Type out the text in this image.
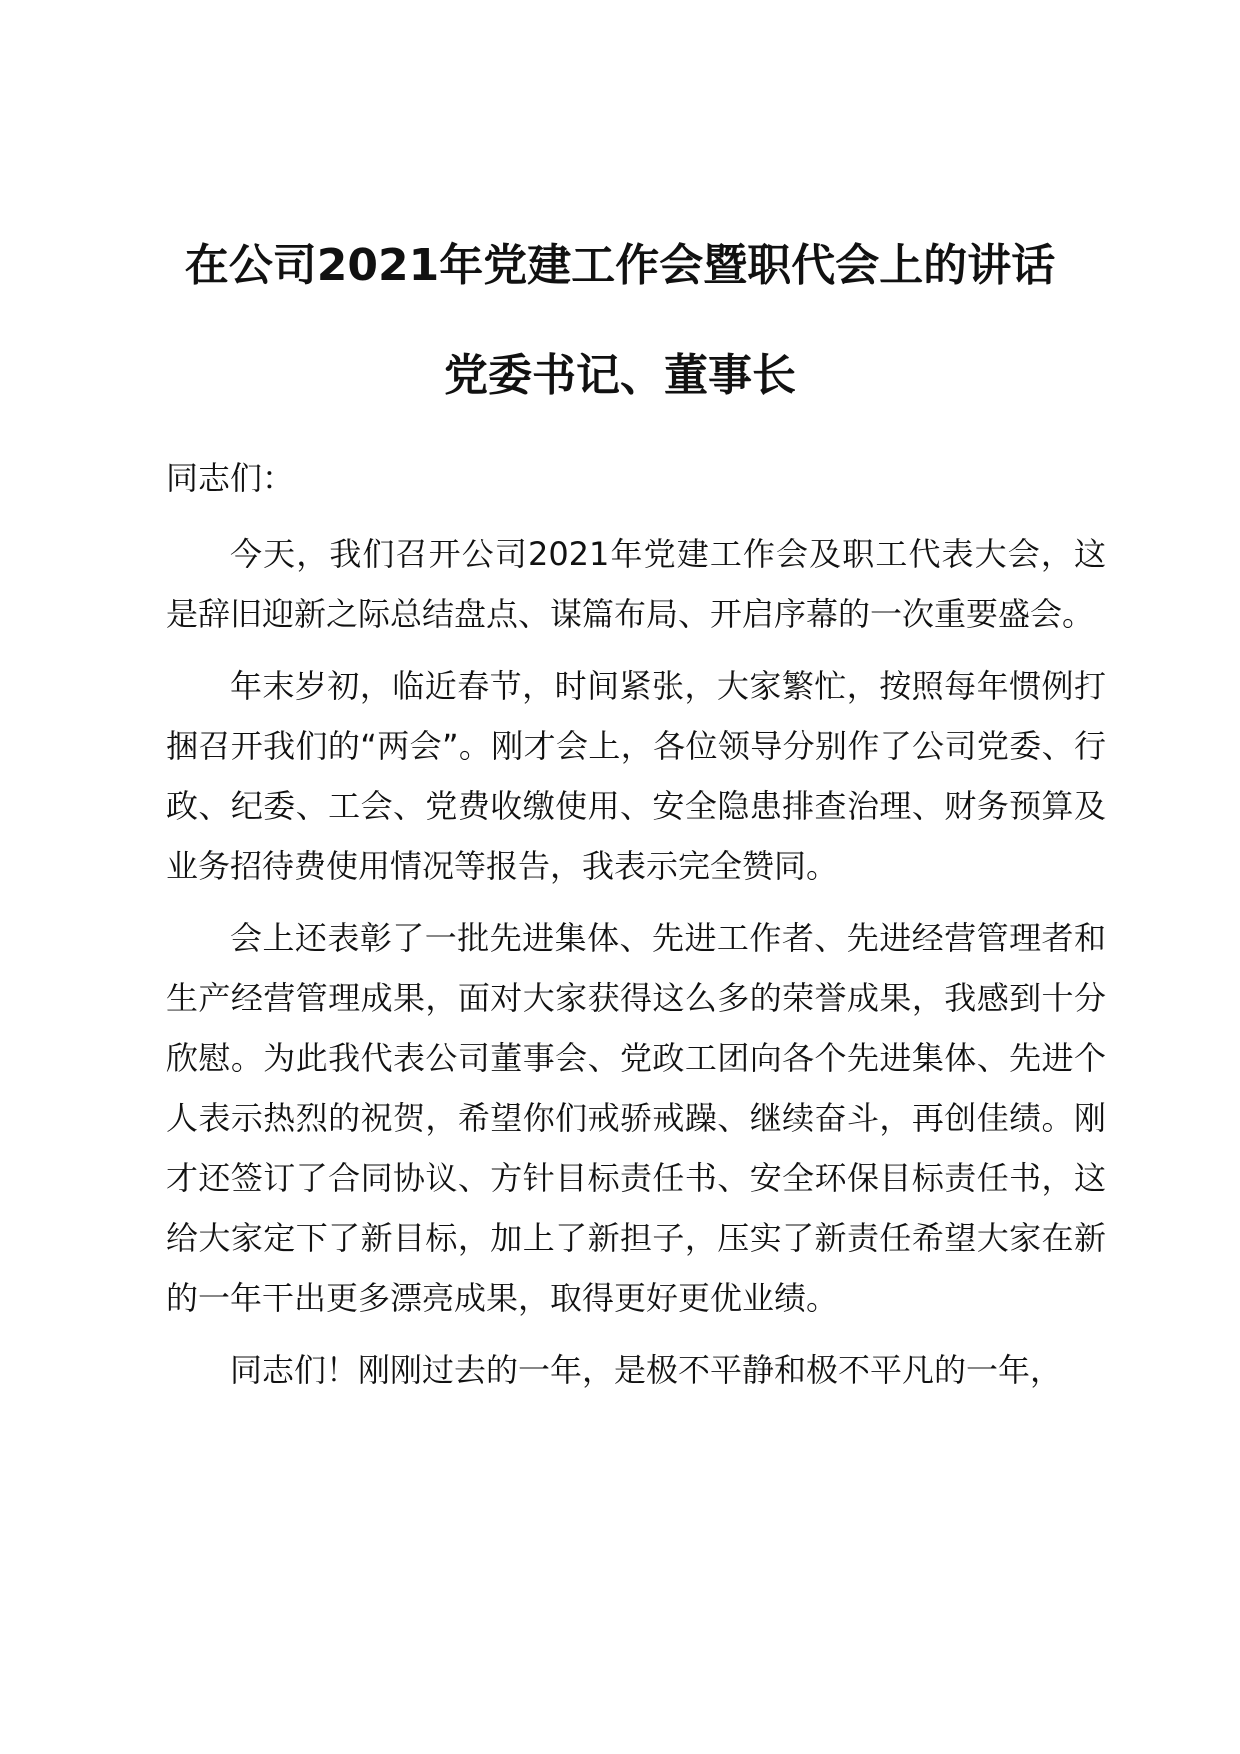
在公司2021年党建工作会暨职代会上的讲话
党委书记、董事长

同志们：

今天，我们召开公司2021年党建工作会及职工代表大会，这是辞旧迎新之际总结盘点、谋篇布局、开启序幕的一次重要盛会。

年末岁初，临近春节，时间紧张，大家繁忙，按照每年惯例打捆召开我们的“两会”。刚才会上，各位领导分别作了公司党委、行政、纪委、工会、党费收缴使用、安全隐患排查治理、财务预算及业务招待费使用情况等报告，我表示完全赞同。

会上还表彰了一批先进集体、先进工作者、先进经营管理者和生产经营管理成果，面对大家获得这么多的荣誉成果，我感到十分欣慰。为此我代表公司董事会、党政工团向各个先进集体、先进个人表示热烈的祝贺，希望你们戒骄戒躁、继续奋斗，再创佳绩。刚才还签订了合同协议、方针目标责任书、安全环保目标责任书，这给大家定下了新目标，加上了新担子，压实了新责任希望大家在新的一年干出更多漂亮成果，取得更好更优业绩。

同志们！刚刚过去的一年，是极不平静和极不平凡的一年，
